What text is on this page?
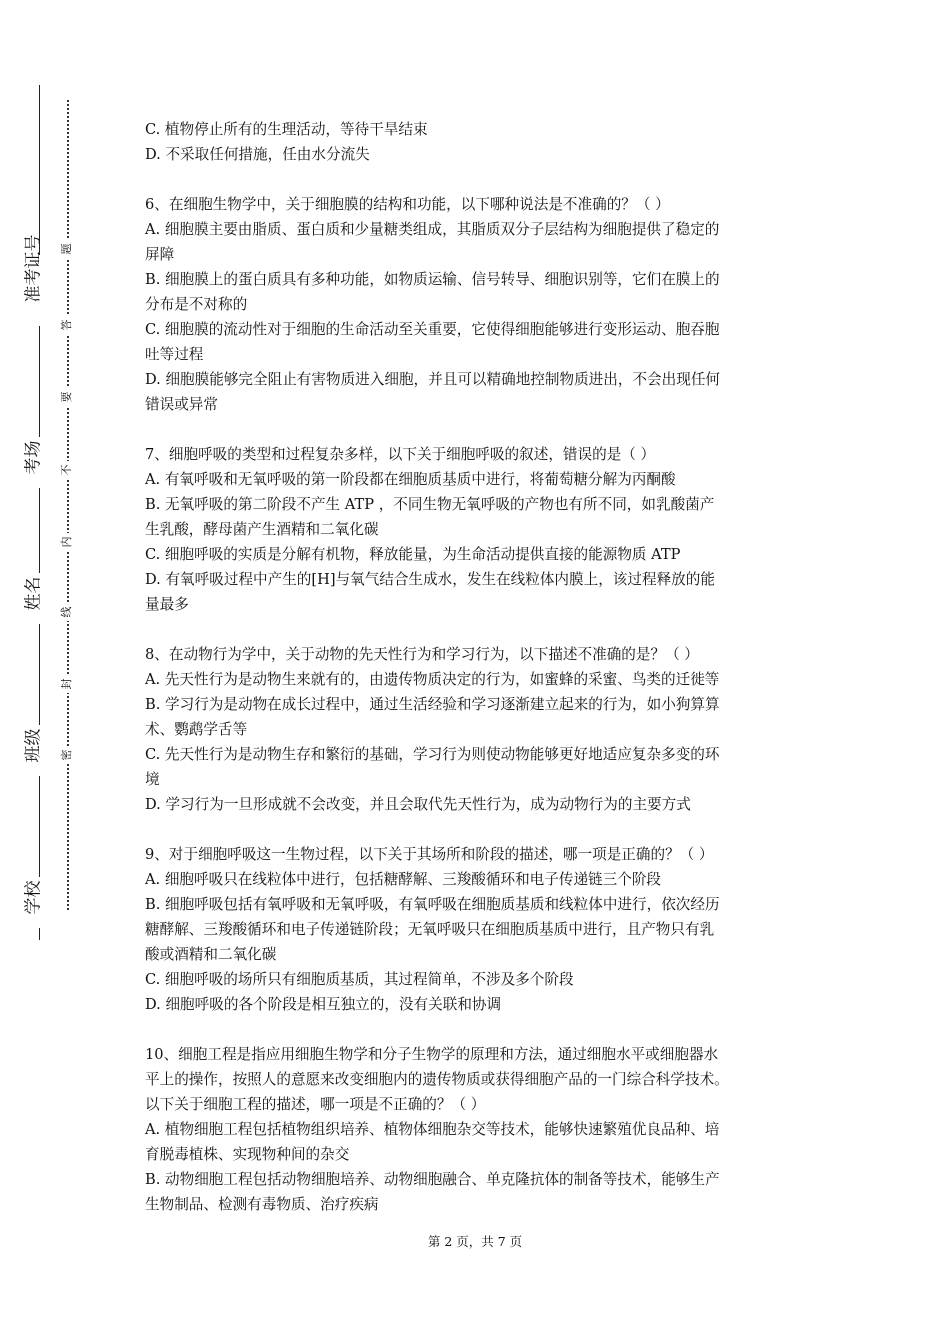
准考证号
考场
姓名
班级
学校
题
答
要
不
内
线
封
密

C. 植物停止所有的生理活动，等待干旱结束

D. 不采取任何措施，任由水分流失

6、在细胞生物学中，关于细胞膜的结构和功能，以下哪种说法是不准确的？（ ）

A. 细胞膜主要由脂质、蛋白质和少量糖类组成，其脂质双分子层结构为细胞提供了稳定的

屏障

B. 细胞膜上的蛋白质具有多种功能，如物质运输、信号转导、细胞识别等，它们在膜上的

分布是不对称的

C. 细胞膜的流动性对于细胞的生命活动至关重要，它使得细胞能够进行变形运动、胞吞胞

吐等过程

D. 细胞膜能够完全阻止有害物质进入细胞，并且可以精确地控制物质进出，不会出现任何

错误或异常

7、细胞呼吸的类型和过程复杂多样，以下关于细胞呼吸的叙述，错误的是（ ）

A. 有氧呼吸和无氧呼吸的第一阶段都在细胞质基质中进行，将葡萄糖分解为丙酮酸

B. 无氧呼吸的第二阶段不产生 ATP ，不同生物无氧呼吸的产物也有所不同，如乳酸菌产

生乳酸，酵母菌产生酒精和二氧化碳

C. 细胞呼吸的实质是分解有机物，释放能量，为生命活动提供直接的能源物质 ATP

D. 有氧呼吸过程中产生的[H]与氧气结合生成水，发生在线粒体内膜上，该过程释放的能

量最多

8、在动物行为学中，关于动物的先天性行为和学习行为，以下描述不准确的是？（ ）

A. 先天性行为是动物生来就有的，由遗传物质决定的行为，如蜜蜂的采蜜、鸟类的迁徙等

B. 学习行为是动物在成长过程中，通过生活经验和学习逐渐建立起来的行为，如小狗算算

术、鹦鹉学舌等

C. 先天性行为是动物生存和繁衍的基础，学习行为则使动物能够更好地适应复杂多变的环

境

D. 学习行为一旦形成就不会改变，并且会取代先天性行为，成为动物行为的主要方式

9、对于细胞呼吸这一生物过程，以下关于其场所和阶段的描述，哪一项是正确的？（ ）

A. 细胞呼吸只在线粒体中进行，包括糖酵解、三羧酸循环和电子传递链三个阶段

B. 细胞呼吸包括有氧呼吸和无氧呼吸，有氧呼吸在细胞质基质和线粒体中进行，依次经历

糖酵解、三羧酸循环和电子传递链阶段；无氧呼吸只在细胞质基质中进行，且产物只有乳

酸或酒精和二氧化碳

C. 细胞呼吸的场所只有细胞质基质，其过程简单，不涉及多个阶段

D. 细胞呼吸的各个阶段是相互独立的，没有关联和协调

10、细胞工程是指应用细胞生物学和分子生物学的原理和方法，通过细胞水平或细胞器水

平上的操作，按照人的意愿来改变细胞内的遗传物质或获得细胞产品的一门综合科学技术。

以下关于细胞工程的描述，哪一项是不正确的？（ ）

A. 植物细胞工程包括植物组织培养、植物体细胞杂交等技术，能够快速繁殖优良品种、培

育脱毒植株、实现物种间的杂交

B. 动物细胞工程包括动物细胞培养、动物细胞融合、单克隆抗体的制备等技术，能够生产

生物制品、检测有毒物质、治疗疾病

第 2 页，共 7 页
